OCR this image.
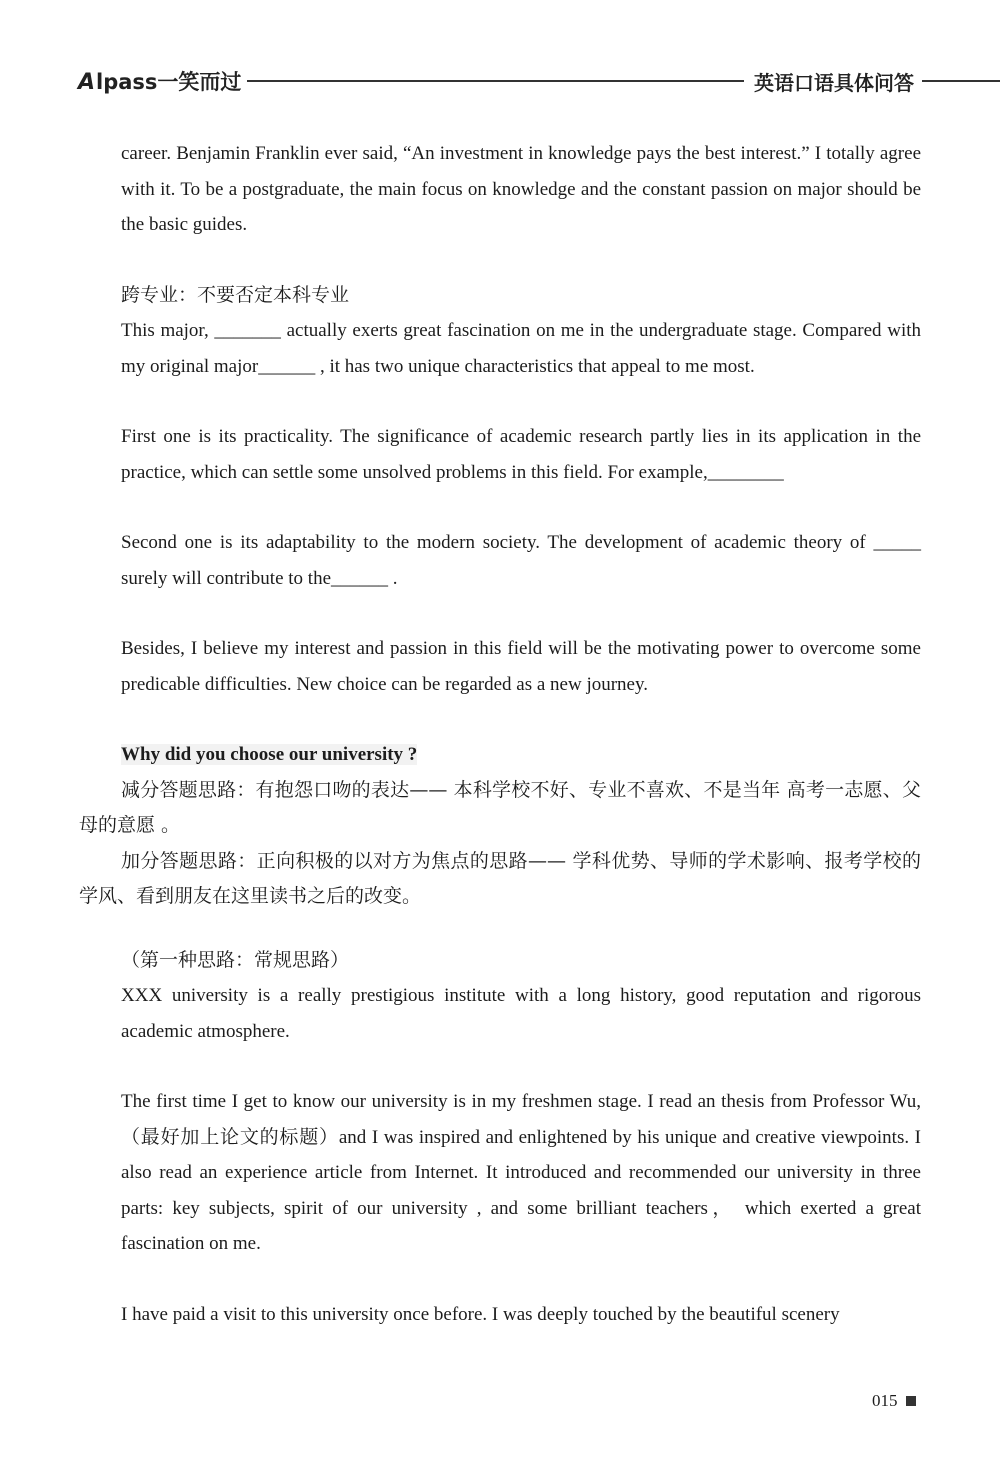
Alpass一笑而过	英语口语具体问答

career. Benjamin Franklin ever said, “An investment in knowledge pays the best interest.” I totally agree with it. To be a postgraduate, the main focus on knowledge and the constant passion on major should be the basic guides.

跨专业：不要否定本科专业

This major, _______ actually exerts great fascination on me in the undergraduate stage. Compared with my original major______ , it has two unique characteristics that appeal to me most.

First one is its practicality. The significance of academic research partly lies in its application in the practice, which can settle some unsolved problems in this field. For example,________

Second one is its adaptability to the modern society. The development of academic theory of _____ surely will contribute to the______ .

Besides, I believe my interest and passion in this field will be the motivating power to overcome some predicable difficulties. New choice can be regarded as a new journey.

Why did you choose our university ?

减分答题思路：有抱怨口吻的表达—— 本科学校不好、专业不喜欢、不是当年 高考一志愿、父母的意愿 。

加分答题思路：正向积极的以对方为焦点的思路—— 学科优势、导师的学术影响、报考学校的学风、看到朋友在这里读书之后的改变。

（第一种思路：常规思路）

XXX university is a really prestigious institute with a long history, good reputation and rigorous academic atmosphere.

The first time I get to know our university is in my freshmen stage. I read an thesis from Professor Wu, （最好加上论文的标题）and I was inspired and enlightened by his unique and creative viewpoints. I also read an experience article from Internet. It introduced and recommended our university in three parts: key subjects, spirit of our university , and some brilliant teachers， which exerted a great fascination on me.

I have paid a visit to this university once before. I was deeply touched by the beautiful scenery

015
